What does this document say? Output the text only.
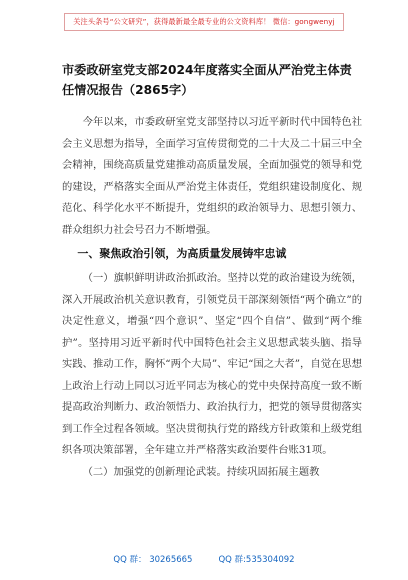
关注头条号“公文研究”，获得最新最全最专业的公文资料库！ 微信：gongwenyj

市委政研室党支部2024年度落实全面从严治党主体责任情况报告（2865字）

今年以来，市委政研室党支部坚持以习近平新时代中国特色社会主义思想为指导，全面学习宣传贯彻党的二十大及二十届三中全会精神，围绕高质量党建推动高质量发展，全面加强党的领导和党的建设，严格落实全面从严治党主体责任，党组织建设制度化、规范化、科学化水平不断提升，党组织的政治领导力、思想引领力、群众组织力社会号召力不断增强。

一、聚焦政治引领，为高质量发展铸牢忠诚

（一）旗帜鲜明讲政治抓政治。坚持以党的政治建设为统领，深入开展政治机关意识教育，引领党员干部深刻领悟“两个确立”的决定性意义，增强“四个意识”、坚定“四个自信”、做到“两个维护”。坚持用习近平新时代中国特色社会主义思想武装头脑、指导实践、推动工作，胸怀“两个大局”、牢记“国之大者”，自觉在思想上政治上行动上同以习近平同志为核心的党中央保持高度一致不断提高政治判断力、政治领悟力、政治执行力，把党的领导贯彻落实到工作全过程各领域。坚决贯彻执行党的路线方针政策和上级党组织各项决策部署，全年建立并严格落实政治要件台账31项。

（二）加强党的创新理论武装。持续巩固拓展主题教

QQ 群： 30265665	QQ 群:535304092
